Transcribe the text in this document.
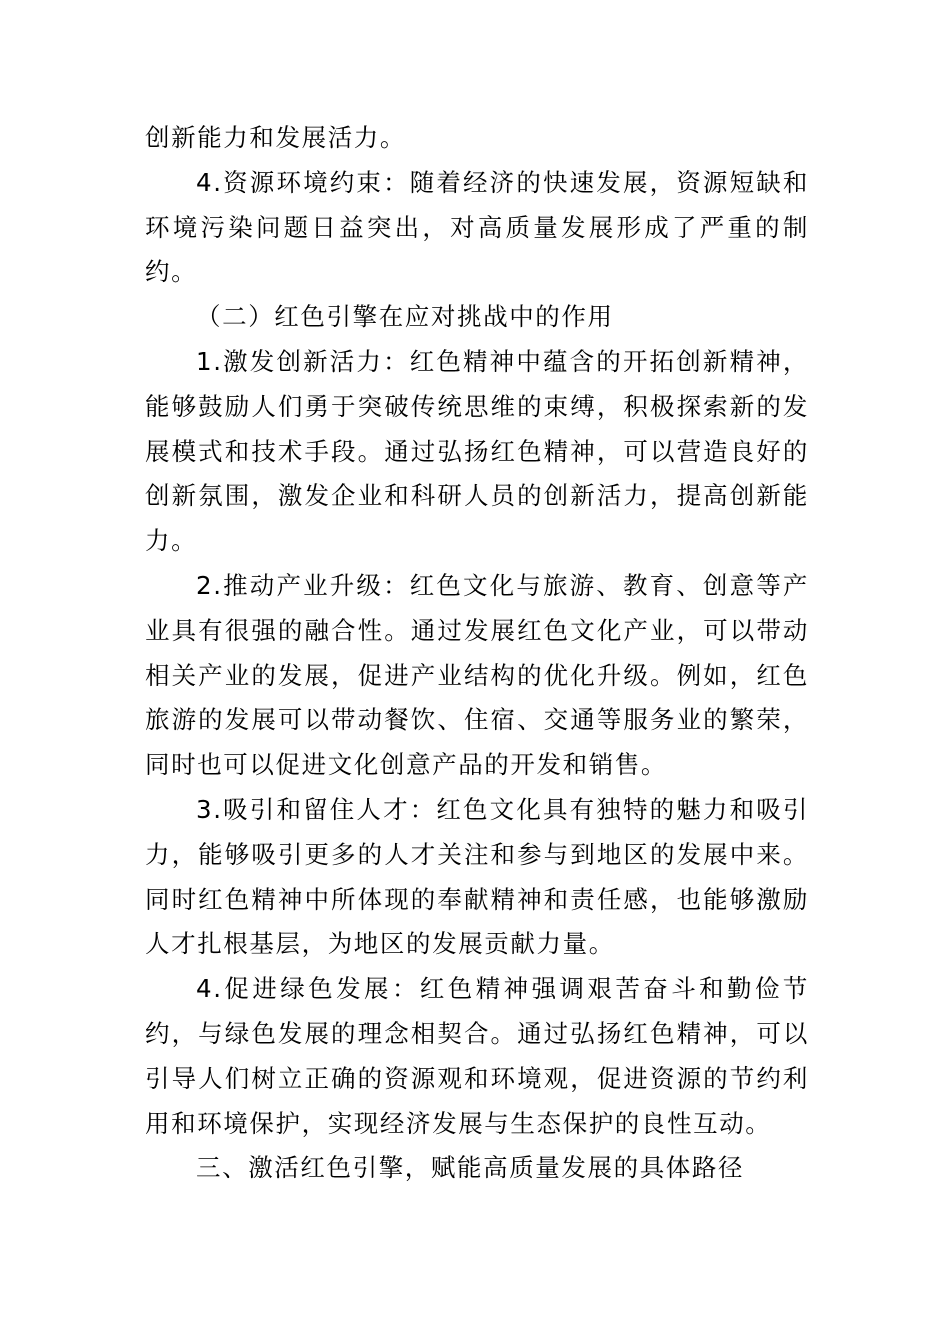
创新能力和发展活力。

4.资源环境约束：随着经济的快速发展，资源短缺和环境污染问题日益突出，对高质量发展形成了严重的制约。

（二）红色引擎在应对挑战中的作用

1.激发创新活力：红色精神中蕴含的开拓创新精神，能够鼓励人们勇于突破传统思维的束缚，积极探索新的发展模式和技术手段。通过弘扬红色精神，可以营造良好的创新氛围，激发企业和科研人员的创新活力，提高创新能力。

2.推动产业升级：红色文化与旅游、教育、创意等产业具有很强的融合性。通过发展红色文化产业，可以带动相关产业的发展，促进产业结构的优化升级。例如，红色旅游的发展可以带动餐饮、住宿、交通等服务业的繁荣，同时也可以促进文化创意产品的开发和销售。

3.吸引和留住人才：红色文化具有独特的魅力和吸引力，能够吸引更多的人才关注和参与到地区的发展中来。同时红色精神中所体现的奉献精神和责任感，也能够激励人才扎根基层，为地区的发展贡献力量。

4.促进绿色发展：红色精神强调艰苦奋斗和勤俭节约，与绿色发展的理念相契合。通过弘扬红色精神，可以引导人们树立正确的资源观和环境观，促进资源的节约利用和环境保护，实现经济发展与生态保护的良性互动。

三、激活红色引擎，赋能高质量发展的具体路径
